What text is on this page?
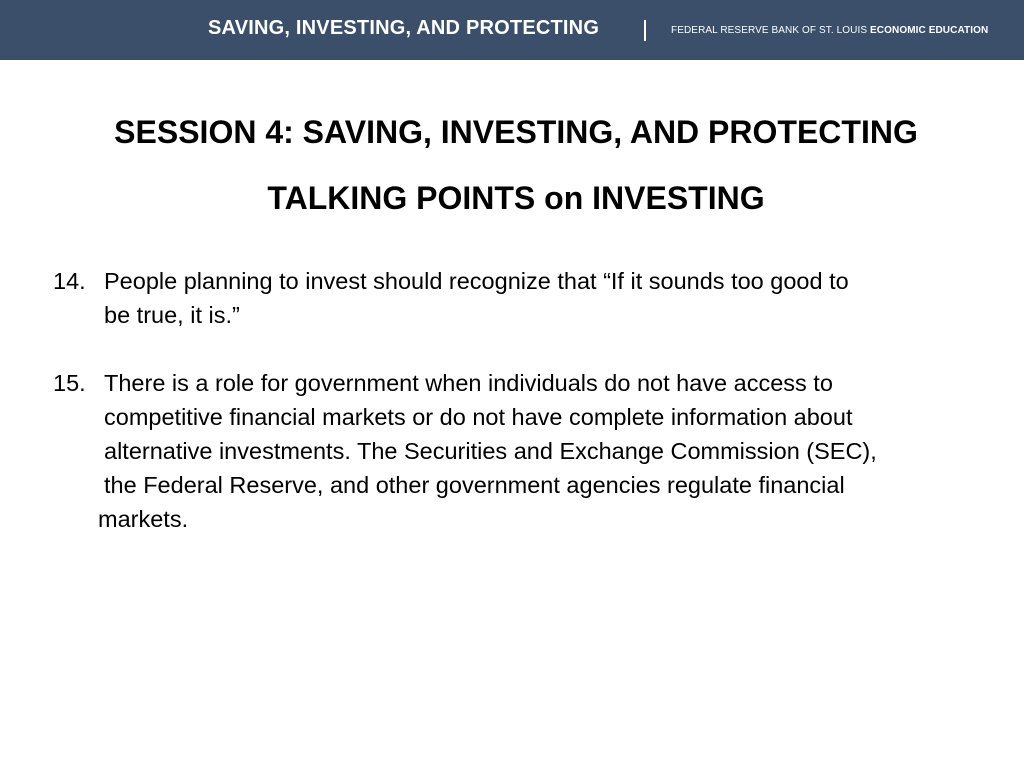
SAVING, INVESTING, AND PROTECTING	FEDERAL RESERVE BANK OF ST. LOUIS ECONOMIC EDUCATION
SESSION 4: SAVING, INVESTING, AND PROTECTING
TALKING POINTS on INVESTING
14. People planning to invest should recognize that “If it sounds too good to
be true, it is.”
15. There is a role for government when individuals do not have access to
competitive financial markets or do not have complete information about
alternative investments. The Securities and Exchange Commission (SEC),
the Federal Reserve, and other government agencies regulate financial
markets.
